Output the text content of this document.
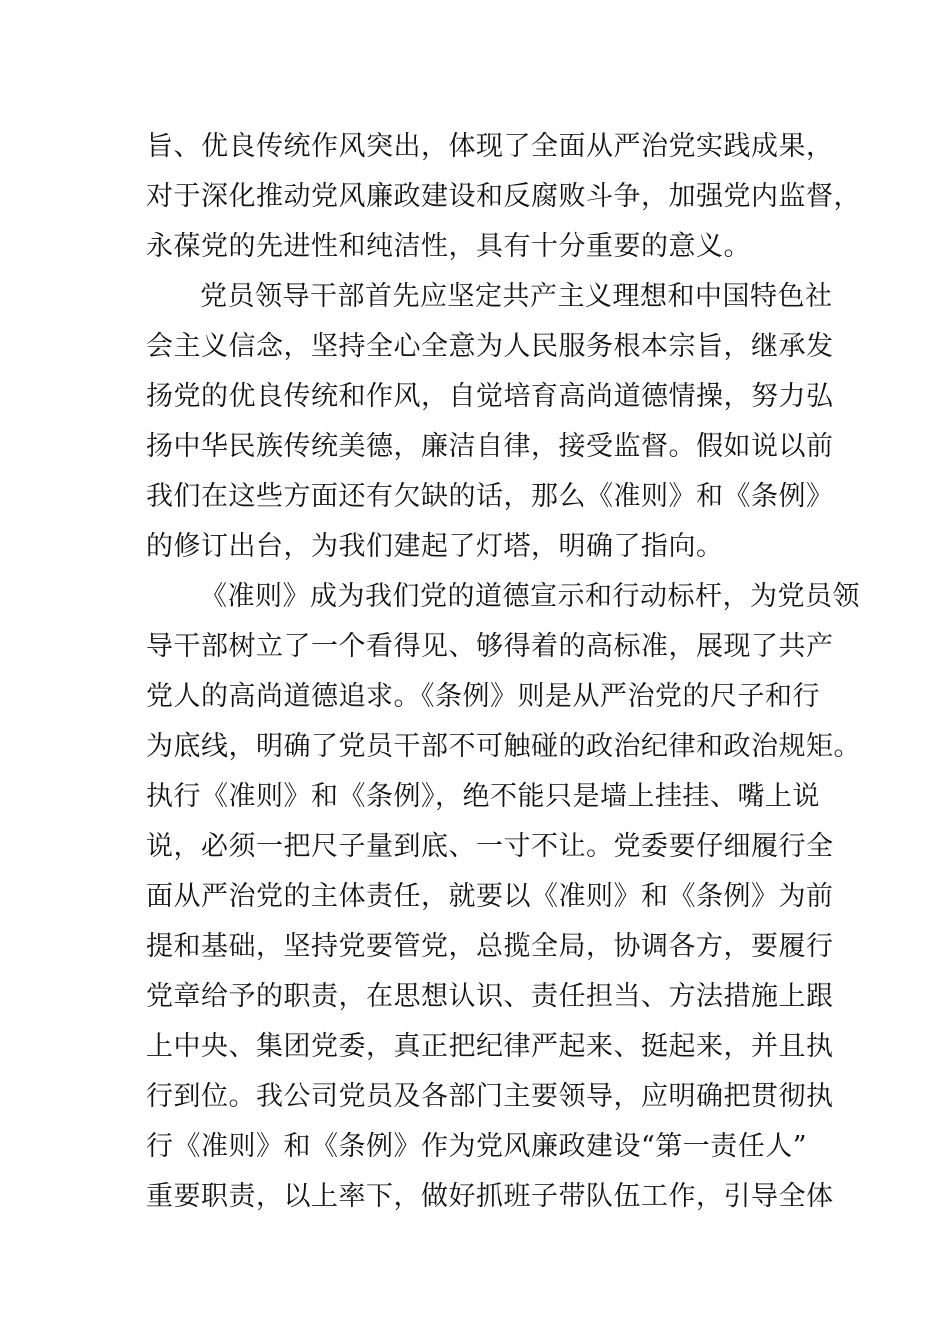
旨、优良传统作风突出，体现了全面从严治党实践成果，
对于深化推动党风廉政建设和反腐败斗争，加强党内监督，
永葆党的先进性和纯洁性，具有十分重要的意义。
党员领导干部首先应坚定共产主义理想和中国特色社
会主义信念，坚持全心全意为人民服务根本宗旨，继承发
扬党的优良传统和作风，自觉培育高尚道德情操，努力弘
扬中华民族传统美德，廉洁自律，接受监督。假如说以前
我们在这些方面还有欠缺的话，那么《准则》和《条例》
的修订出台，为我们建起了灯塔，明确了指向。
《准则》成为我们党的道德宣示和行动标杆，为党员领
导干部树立了一个看得见、够得着的高标准，展现了共产
党人的高尚道德追求。《条例》则是从严治党的尺子和行
为底线，明确了党员干部不可触碰的政治纪律和政治规矩。
执行《准则》和《条例》，绝不能只是墙上挂挂、嘴上说
说，必须一把尺子量到底、一寸不让。党委要仔细履行全
面从严治党的主体责任，就要以《准则》和《条例》为前
提和基础，坚持党要管党，总揽全局，协调各方，要履行
党章给予的职责，在思想认识、责任担当、方法措施上跟
上中央、集团党委，真正把纪律严起来、挺起来，并且执
行到位。我公司党员及各部门主要领导，应明确把贯彻执
行《准则》和《条例》作为党风廉政建设“第一责任人”
重要职责，以上率下，做好抓班子带队伍工作，引导全体
